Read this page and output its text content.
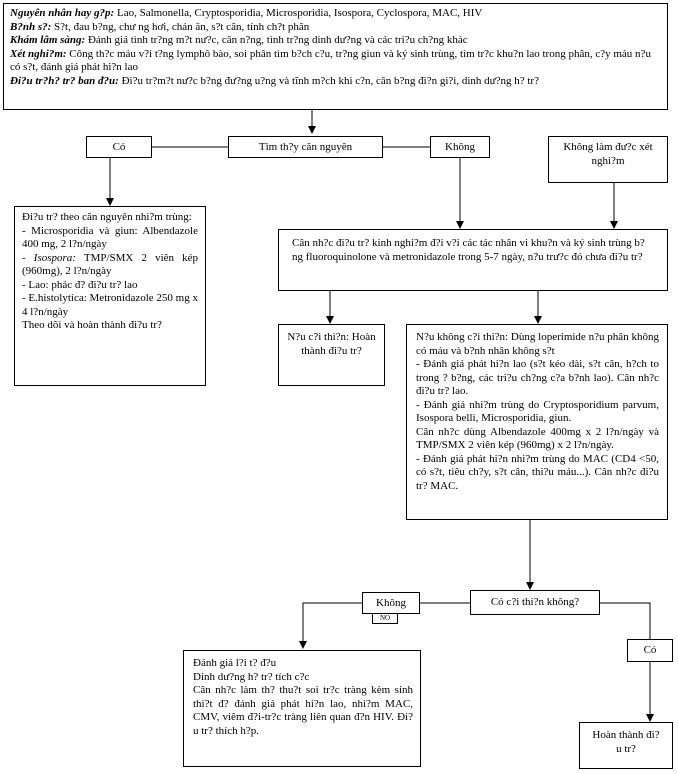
Nguyên nhân hay g?p: Lao, Salmonella, Cryptosporidia, Microsporidia, Isospora, Cyclospora, MAC, HIV

B?nh s?: S?t, đau b?ng, chư ng hơi, chán ăn, s?t cân, tính ch?t phân

Khám lâm sàng: Đánh giá tình tr?ng m?t nư?c, cân n?ng, tình tr?ng dinh dư?ng và các tri?u ch?ng khác

Xét nghi?m: Công th?c máu v?i t?ng lymphô bào, soi phân tìm b?ch c?u, tr?ng giun và ký sinh trùng, tìm tr?c khu?n lao trong phân, c?y máu n?u có s?t, đánh giá phát hi?n lao

Đi?u tr?h? tr? ban đ?u: Đi?u tr?m?t nư?c b?ng đư?ng u?ng và tĩnh m?ch khi c?n, cân b?ng đi?n gi?i, dinh dư?ng h? tr?

Có	Tìm th?y căn nguyên	Không	Không làm đư?c xét nghi?m

Đi?u tr? theo căn nguyên nhi?m trùng:

- Microsporidia và giun: Albendazole 400 mg, 2 l?n/ngày

- Isospora: TMP/SMX 2 viên kép (960mg), 2 l?n/ngày

- Lao: phác đ? đi?u tr? lao

- E.histolytica: Metronidazole 250 mg x 4 l?n/ngày

Theo dõi và hoàn thành đi?u tr?

Cân nh?c đi?u tr? kinh nghi?m đ?i v?i các tác nhân vi khu?n và ký sinh trùng b?ng fluoroquinolone và metronidazole trong 5-7 ngày, n?u trư?c đó chưa đi?u tr?

N?u c?i thi?n: Hoàn thành đi?u tr?

N?u không c?i thi?n: Dùng loperimide n?u phân không có máu và b?nh nhân không s?t

- Đánh giá phát hi?n lao (s?t kéo dài, s?t cân, h?ch to trong ? b?ng, các tri?u ch?ng c?a b?nh lao). Cân nh?c đi?u tr? lao.

- Đánh giá nhi?m trùng do Cryptosporidium parvum, Isospora belli, Microsporidia, giun.

Cân nh?c dùng Albendazole 400mg x 2 l?n/ngày và TMP/SMX 2 viên kép (960mg) x 2 l?n/ngày.

- Đánh giá phát hi?n nhi?m trùng do MAC (CD4 <50, có s?t, tiêu ch?y, s?t cân, thi?u máu...). Cân nh?c đi?u tr? MAC.

Không
NO
Có c?i thi?n không?
Có

Đánh giá l?i t? đ?u

Dinh dư?ng h? tr? tích c?c

Cân nh?c làm th? thu?t soi tr?c tràng kèm sinh thi?t đ? đánh giá phát hi?n lao, nhi?m MAC, CMV, viêm đ?i-tr?c tràng liên quan đ?n HIV. Đi?u tr? thích h?p.	Hoàn thành đi?u tr?
